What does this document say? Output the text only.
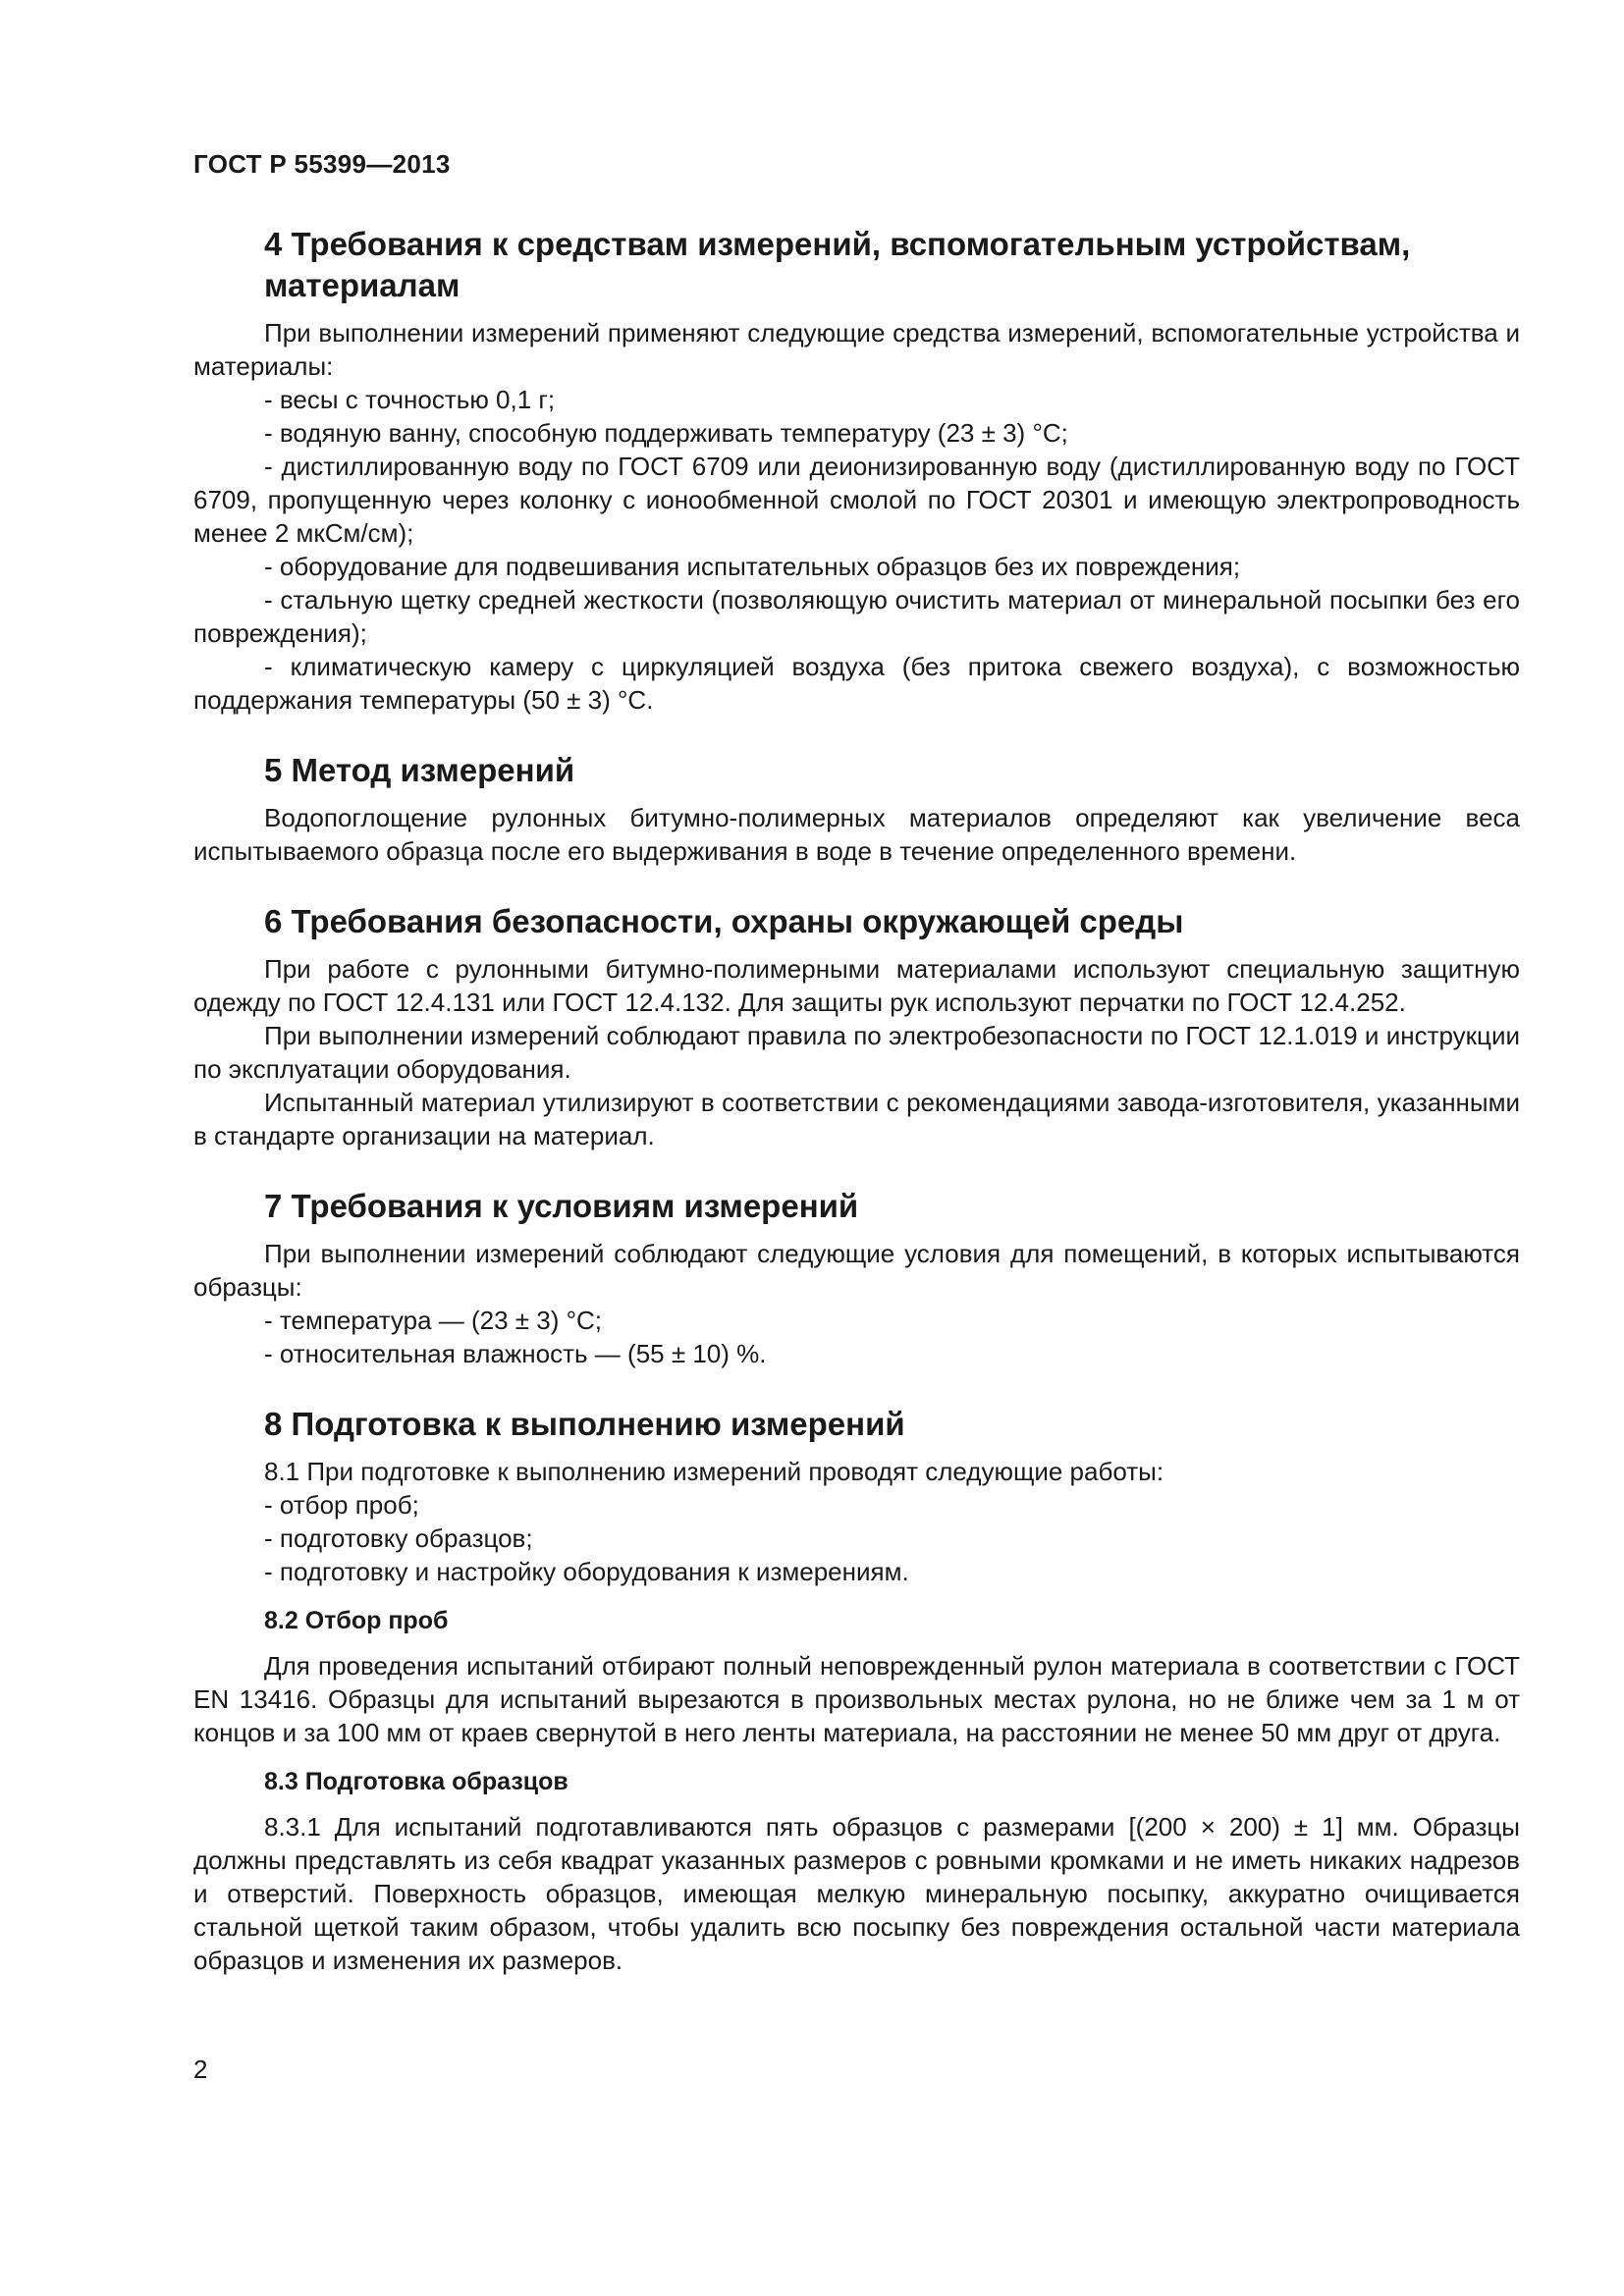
ГОСТ Р 55399—2013
4 Требования к средствам измерений, вспомогательным устройствам, материалам

При выполнении измерений применяют следующие средства измерений, вспомогательные устройства и материалы:

- весы с точностью 0,1 г;

- водяную ванну, способную поддерживать температуру (23 ± 3) °С;

- дистиллированную воду по ГОСТ 6709 или деионизированную воду (дистиллированную воду по ГОСТ 6709, пропущенную через колонку с ионообменной смолой по ГОСТ 20301 и имеющую электропроводность менее 2 мкСм/см);

- оборудование для подвешивания испытательных образцов без их повреждения;

- стальную щетку средней жесткости (позволяющую очистить материал от минеральной посыпки без его повреждения);

- климатическую камеру с циркуляцией воздуха (без притока свежего воздуха), с возможностью поддержания температуры (50 ± 3) °С.

5 Метод измерений

Водопоглощение рулонных битумно-полимерных материалов определяют как увеличение веса испытываемого образца после его выдерживания в воде в течение определенного времени.

6 Требования безопасности, охраны окружающей среды

При работе с рулонными битумно-полимерными материалами используют специальную защитную одежду по ГОСТ 12.4.131 или ГОСТ 12.4.132. Для защиты рук используют перчатки по ГОСТ 12.4.252.

При выполнении измерений соблюдают правила по электробезопасности по ГОСТ 12.1.019 и инструкции по эксплуатации оборудования.

Испытанный материал утилизируют в соответствии с рекомендациями завода-изготовителя, указанными в стандарте организации на материал.

7 Требования к условиям измерений

При выполнении измерений соблюдают следующие условия для помещений, в которых испытываются образцы:

- температура — (23 ± 3) °С;

- относительная влажность — (55 ± 10) %.

8 Подготовка к выполнению измерений

8.1 При подготовке к выполнению измерений проводят следующие работы:

- отбор проб;

- подготовку образцов;

- подготовку и настройку оборудования к измерениям.

8.2 Отбор проб

Для проведения испытаний отбирают полный неповрежденный рулон материала в соответствии с ГОСТ EN 13416. Образцы для испытаний вырезаются в произвольных местах рулона, но не ближе чем за 1 м от концов и за 100 мм от краев свернутой в него ленты материала, на расстоянии не менее 50 мм друг от друга.

8.3 Подготовка образцов

8.3.1 Для испытаний подготавливаются пять образцов с размерами [(200 × 200) ± 1] мм. Образцы должны представлять из себя квадрат указанных размеров с ровными кромками и не иметь никаких надрезов и отверстий. Поверхность образцов, имеющая мелкую минеральную посыпку, аккуратно очищивается стальной щеткой таким образом, чтобы удалить всю посыпку без повреждения остальной части материала образцов и изменения их размеров.

2
